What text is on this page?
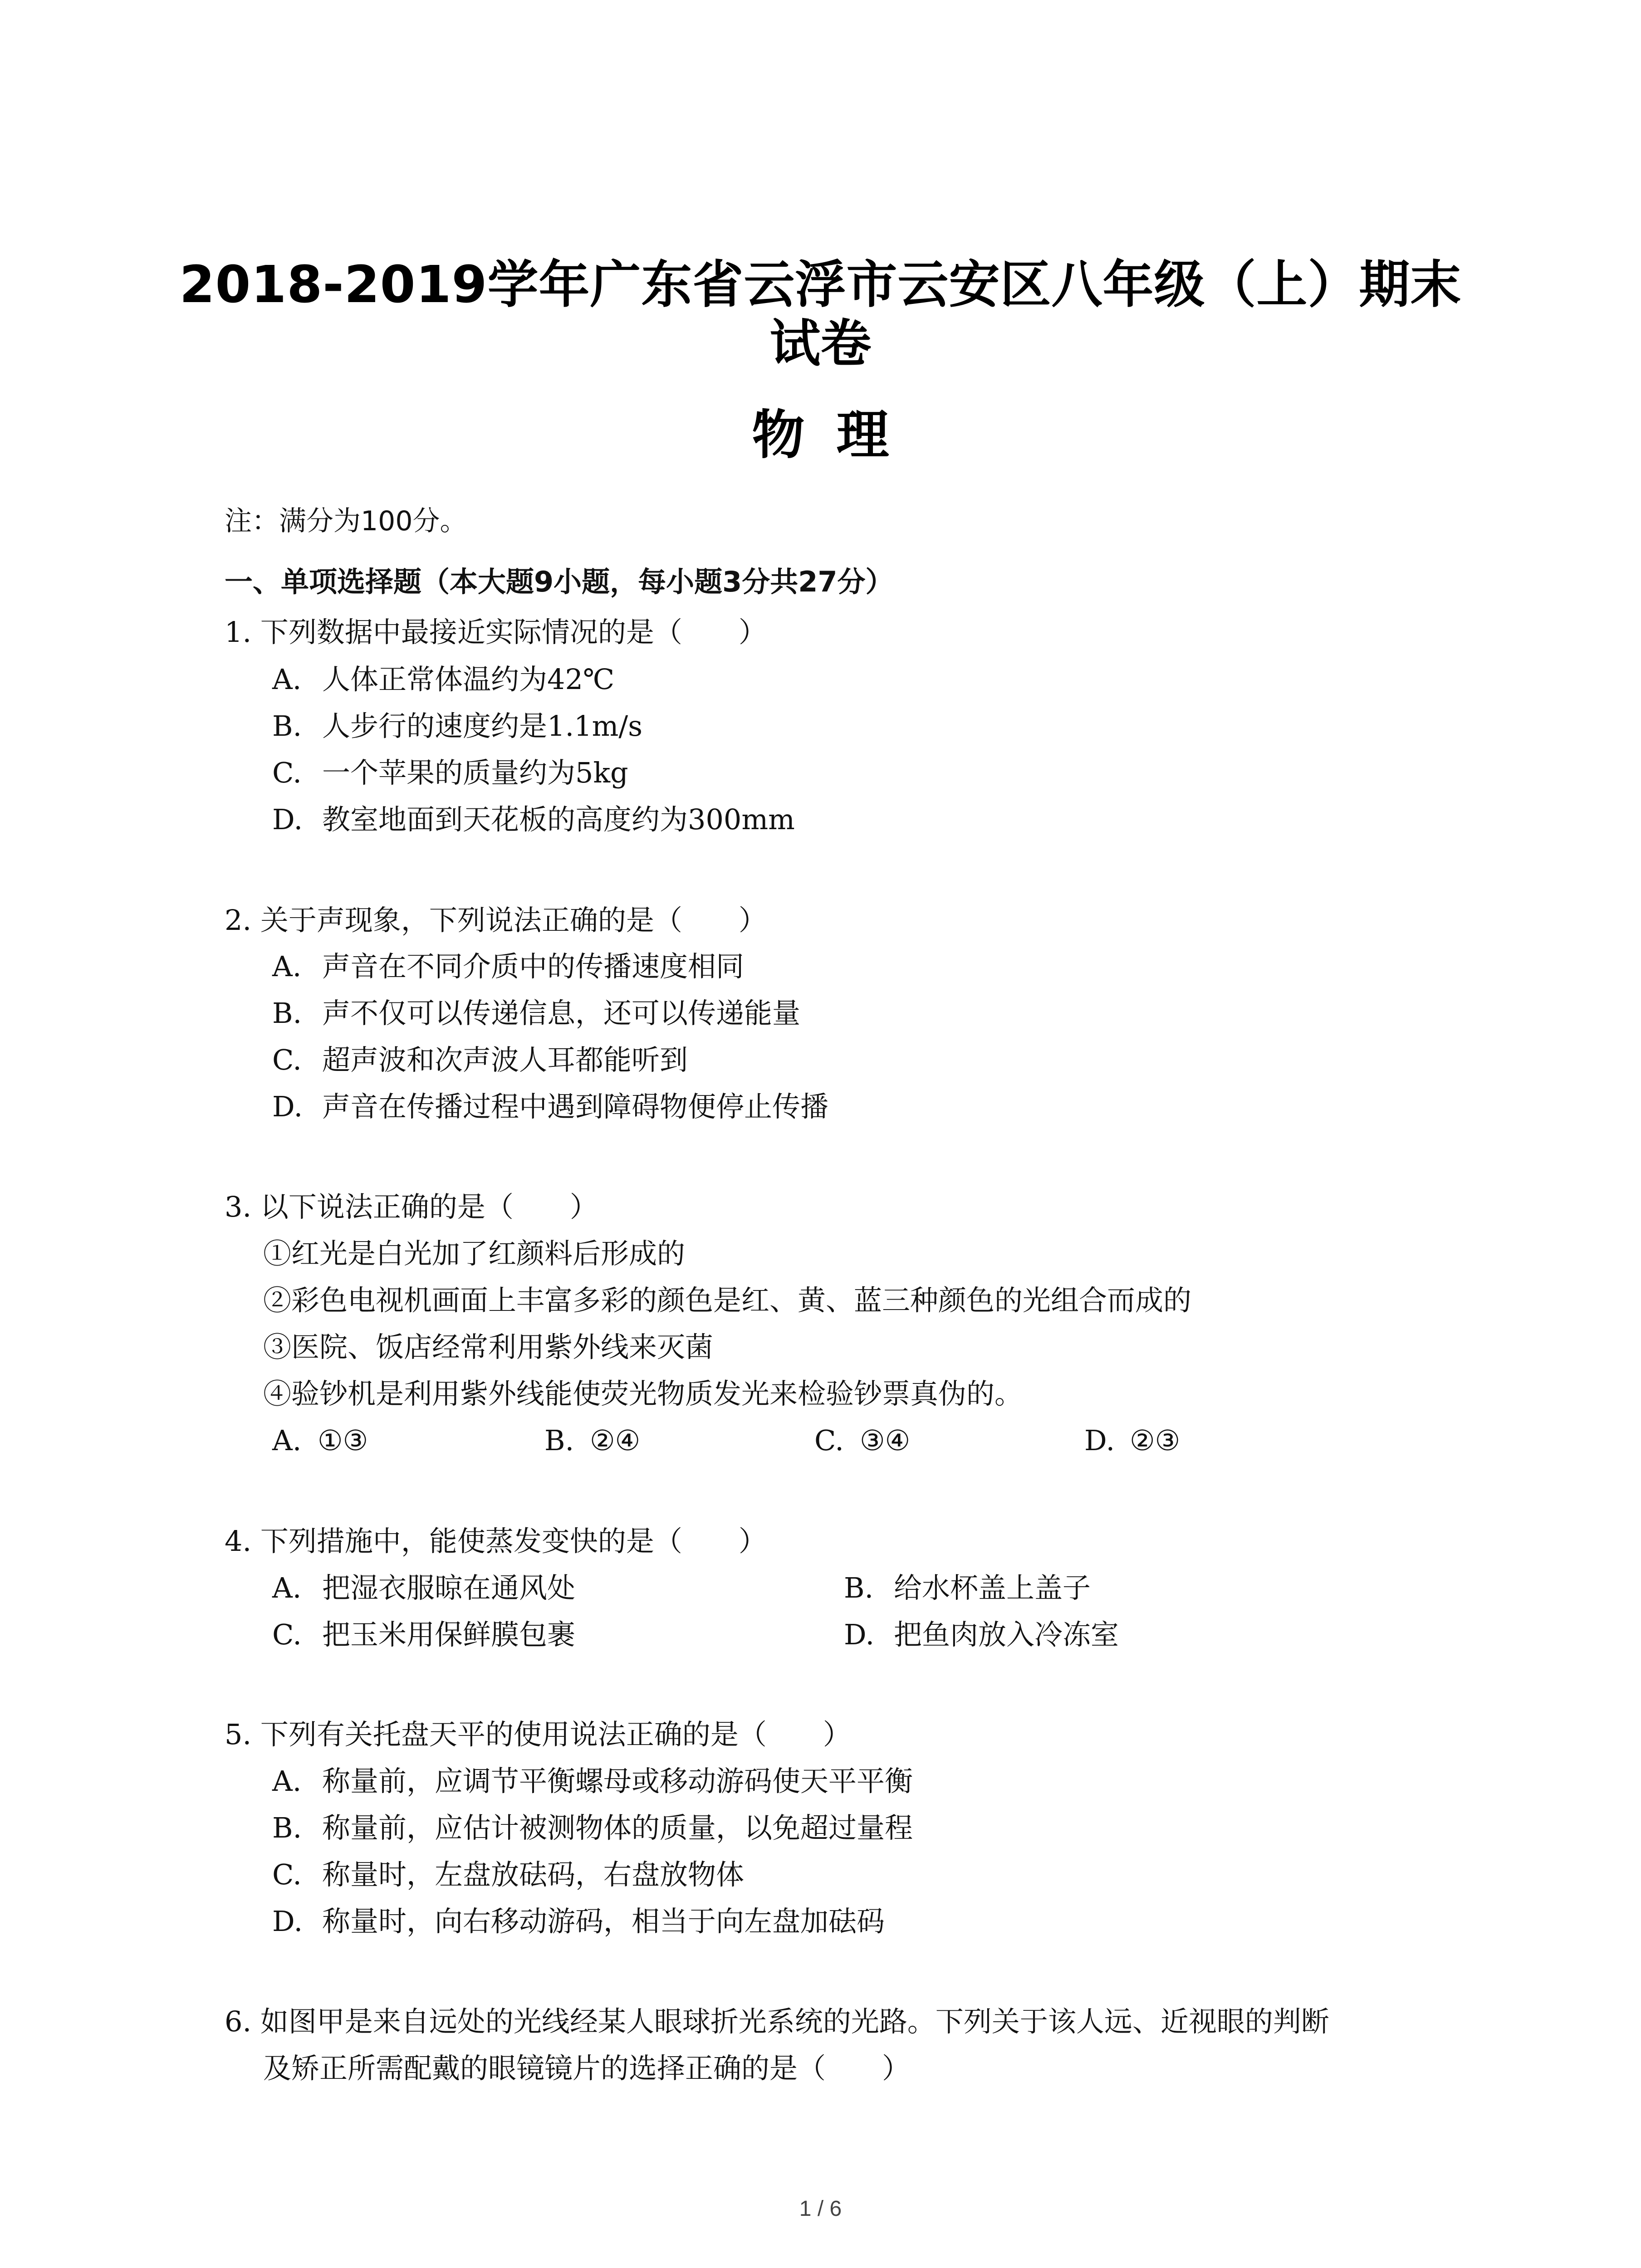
2018-2019学年广东省云浮市云安区八年级（上）期末
试卷
物理
注：满分为100分。
一、单项选择题（本大题9小题，每小题3分共27分）
1. 下列数据中最接近实际情况的是（　　）
A. 人体正常体温约为42℃
B. 人步行的速度约是1.1m/s
C. 一个苹果的质量约为5kg
D. 教室地面到天花板的高度约为300mm
2. 关于声现象，下列说法正确的是（　　）
A. 声音在不同介质中的传播速度相同
B. 声不仅可以传递信息，还可以传递能量
C. 超声波和次声波人耳都能听到
D. 声音在传播过程中遇到障碍物便停止传播
3. 以下说法正确的是（　　）
①红光是白光加了红颜料后形成的
②彩色电视机画面上丰富多彩的颜色是红、黄、蓝三种颜色的光组合而成的
③医院、饭店经常利用紫外线来灭菌
④验钞机是利用紫外线能使荧光物质发光来检验钞票真伪的。
A. ①③	B. ②④	C. ③④	D. ②③
4. 下列措施中，能使蒸发变快的是（　　）
A. 把湿衣服晾在通风处	B. 给水杯盖上盖子
C. 把玉米用保鲜膜包裹	D. 把鱼肉放入冷冻室
5. 下列有关托盘天平的使用说法正确的是（　　）
A. 称量前，应调节平衡螺母或移动游码使天平平衡
B. 称量前，应估计被测物体的质量，以免超过量程
C. 称量时，左盘放砝码，右盘放物体
D. 称量时，向右移动游码，相当于向左盘加砝码
6. 如图甲是来自远处的光线经某人眼球折光系统的光路。下列关于该人远、近视眼的判断
及矫正所需配戴的眼镜镜片的选择正确的是（　　）
1 / 6
